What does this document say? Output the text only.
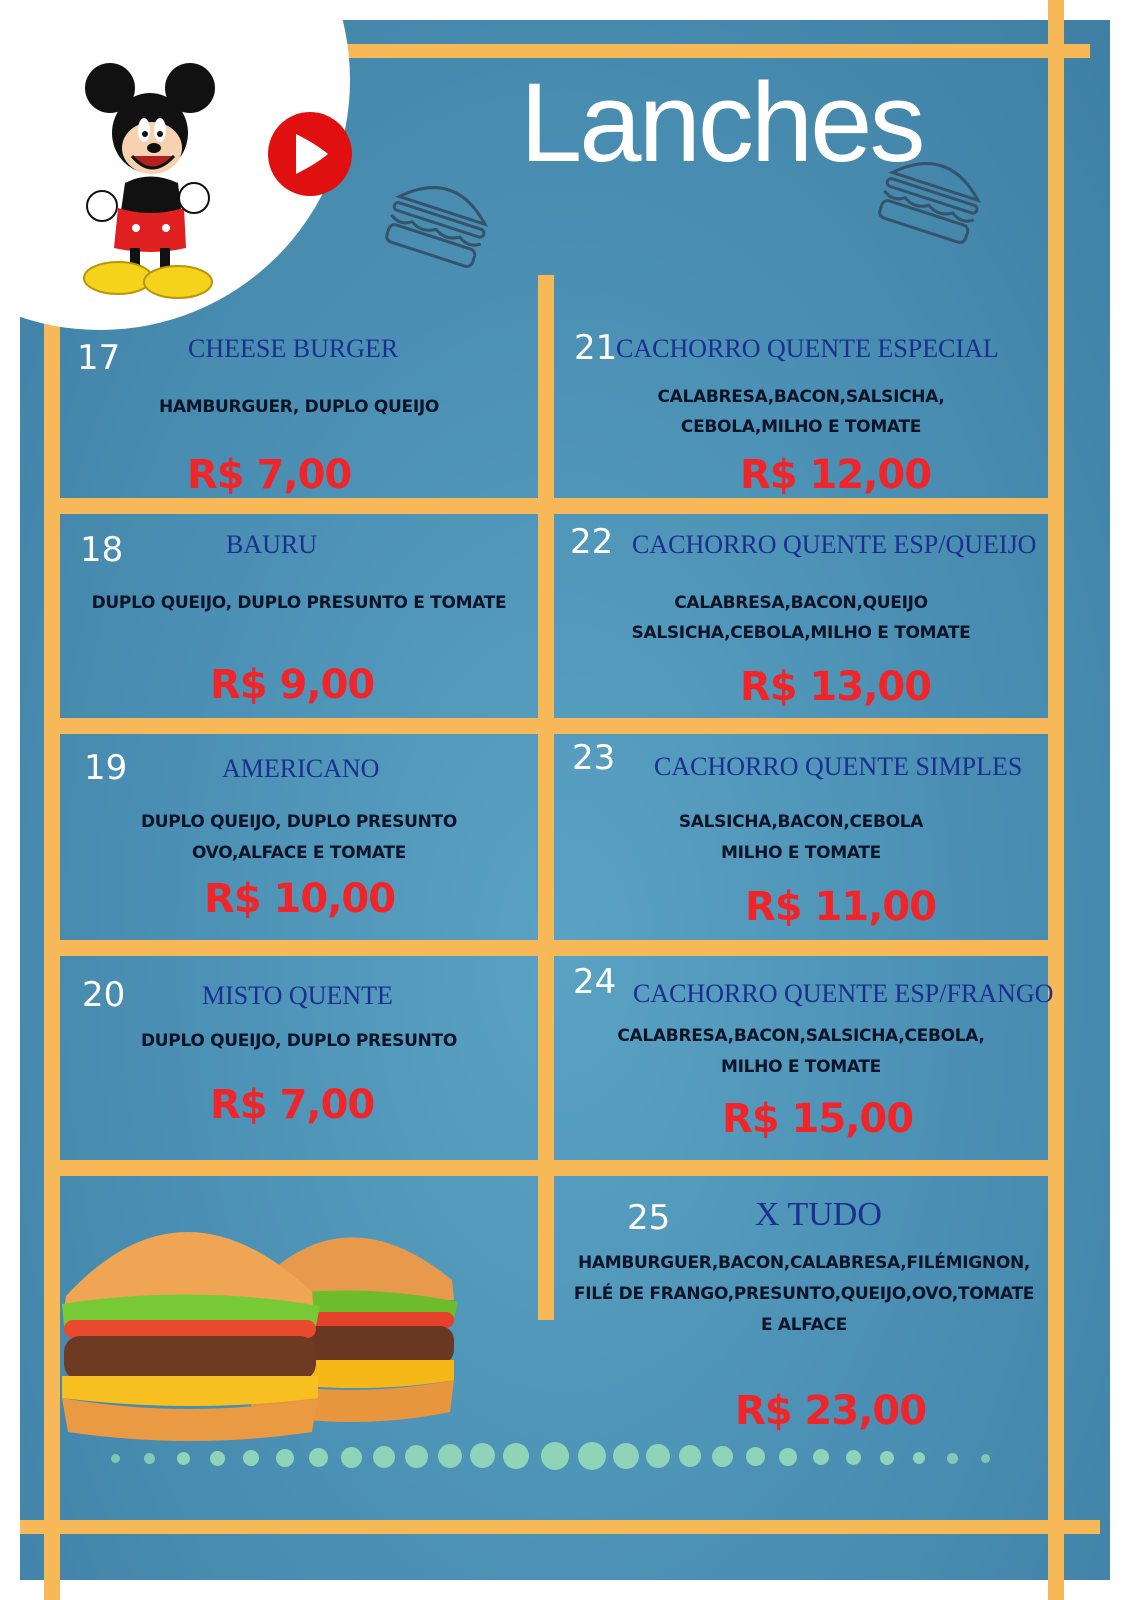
Lanches
17	CHEESE BURGER
HAMBURGUER, DUPLO QUEIJO
R$ 7,00
18	BAURU
DUPLO QUEIJO, DUPLO PRESUNTO E TOMATE
R$ 9,00
19	AMERICANO
DUPLO QUEIJO, DUPLO PRESUNTO
OVO,ALFACE E TOMATE
R$ 10,00
20	MISTO QUENTE
DUPLO QUEIJO, DUPLO PRESUNTO
R$ 7,00
21
CACHORRO QUENTE ESPECIAL
CALABRESA,BACON,SALSICHA,
CEBOLA,MILHO E TOMATE
R$ 12,00
22 CACHORRO QUENTE ESP/QUEIJO
CALABRESA,BACON,QUEIJO
SALSICHA,CEBOLA,MILHO E TOMATE
R$ 13,00
23 CACHORRO QUENTE SIMPLES
SALSICHA,BACON,CEBOLA
MILHO E TOMATE
R$ 11,00
24 CACHORRO QUENTE ESP/FRANGO
CALABRESA,BACON,SALSICHA,CEBOLA,
MILHO E TOMATE
R$ 15,00
25 X TUDO
HAMBURGUER,BACON,CALABRESA,FILÉMIGNON,
FILÉ DE FRANGO,PRESUNTO,QUEIJO,OVO,TOMATE
E ALFACE
R$ 23,00
